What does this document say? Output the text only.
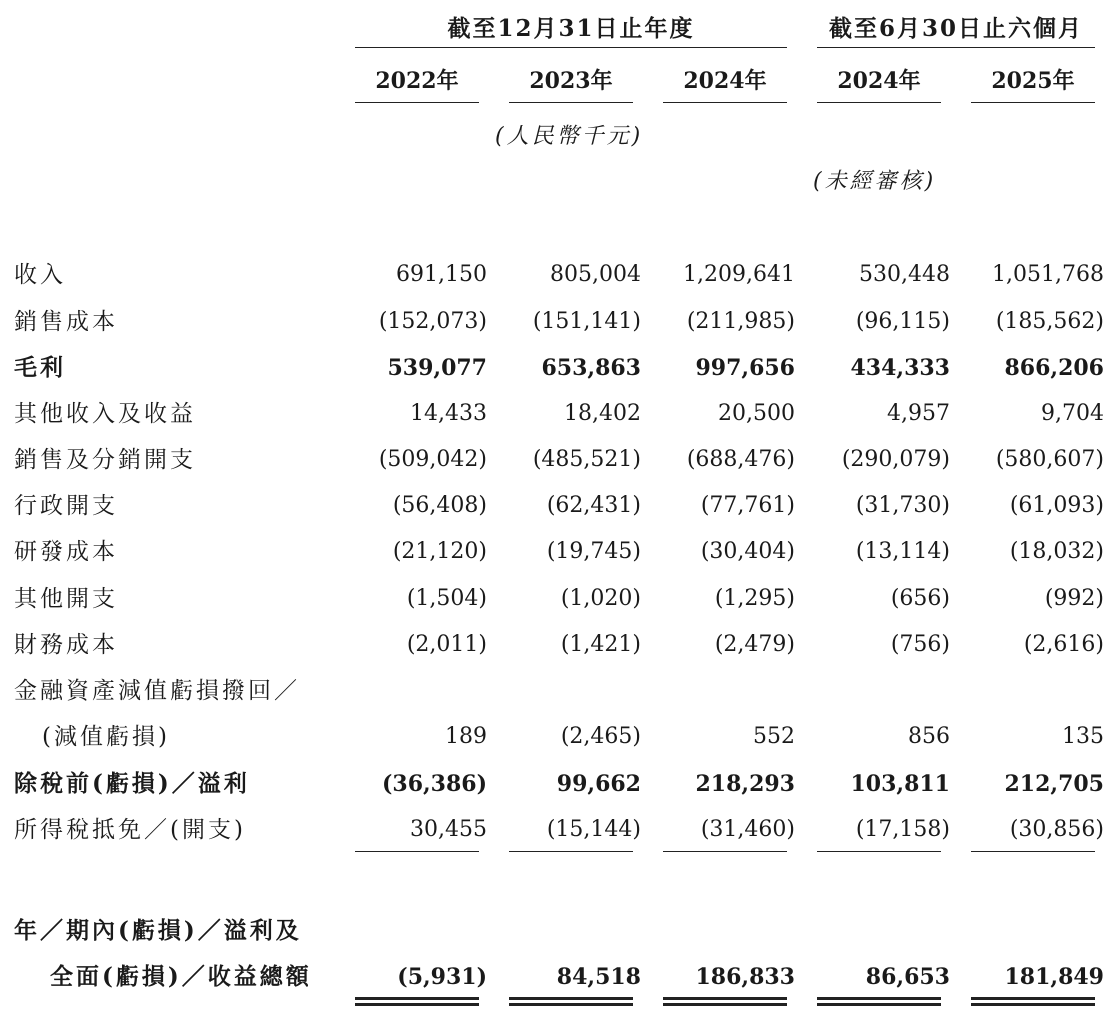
截至12月31日止年度	截至6月30日止六個月
2022年	2023年	2024年	2024年	2025年
(人民幣千元)
(未經審核)
收入	691,150	805,004	1,209,641	530,448	1,051,768
銷售成本	(152,073)	(151,141)	(211,985)	(96,115)	(185,562)
毛利	539,077	653,863	997,656	434,333	866,206
其他收入及收益	14,433	18,402	20,500	4,957	9,704
銷售及分銷開支	(509,042)	(485,521)	(688,476)	(290,079)	(580,607)
行政開支	(56,408)	(62,431)	(77,761)	(31,730)	(61,093)
研發成本	(21,120)	(19,745)	(30,404)	(13,114)	(18,032)
其他開支	(1,504)	(1,020)	(1,295)	(656)	(992)
財務成本	(2,011)	(1,421)	(2,479)	(756)	(2,616)
金融資產減值虧損撥回／
(減值虧損)	189	(2,465)	552	856	135
除稅前(虧損)／溢利	(36,386)	99,662	218,293	103,811	212,705
所得稅抵免／(開支)	30,455	(15,144)	(31,460)	(17,158)	(30,856)
年／期內(虧損)／溢利及
全面(虧損)／收益總額	(5,931)	84,518	186,833	86,653	181,849
